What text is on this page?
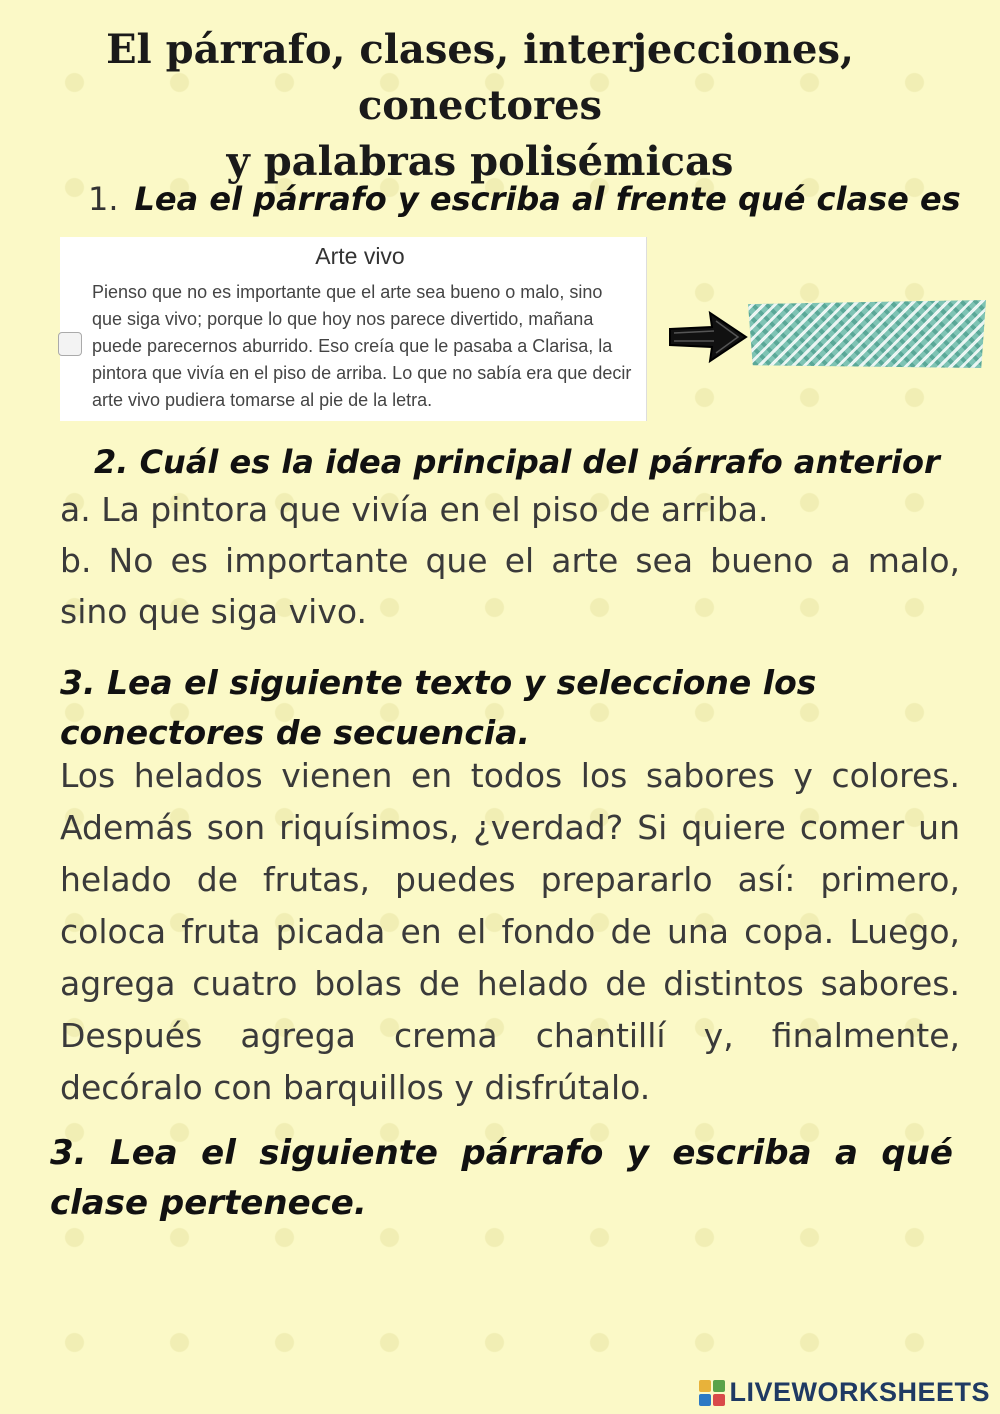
El párrafo, clases, interjecciones, conectores
y palabras polisémicas

1. Lea el párrafo y escriba al frente qué clase es

Arte vivo
Pienso que no es importante que el arte sea bueno o malo, sino que siga vivo; porque lo que hoy nos parece divertido, mañana puede parecernos aburrido. Eso creía que le pasaba a Clarisa, la pintora que vivía en el piso de arriba. Lo que no sabía era que decir arte vivo pudiera tomarse al pie de la letra.

2. Cuál es la idea principal del párrafo anterior

a. La pintora que vivía en el piso de arriba.

b. No es importante que el arte sea bueno a malo, sino que siga vivo.

3. Lea el siguiente texto y seleccione los conectores de secuencia.

Los helados vienen en todos los sabores y colores. Además son riquísimos, ¿verdad? Si quiere comer un helado de frutas, puedes prepararlo así: primero, coloca fruta picada en el fondo de una copa. Luego, agrega cuatro bolas de helado de distintos sabores. Después agrega crema chantillí y, finalmente, decóralo con barquillos y disfrútalo.

3. Lea el siguiente párrafo y escriba a qué clase pertenece.

LIVEWORKSHEETS
